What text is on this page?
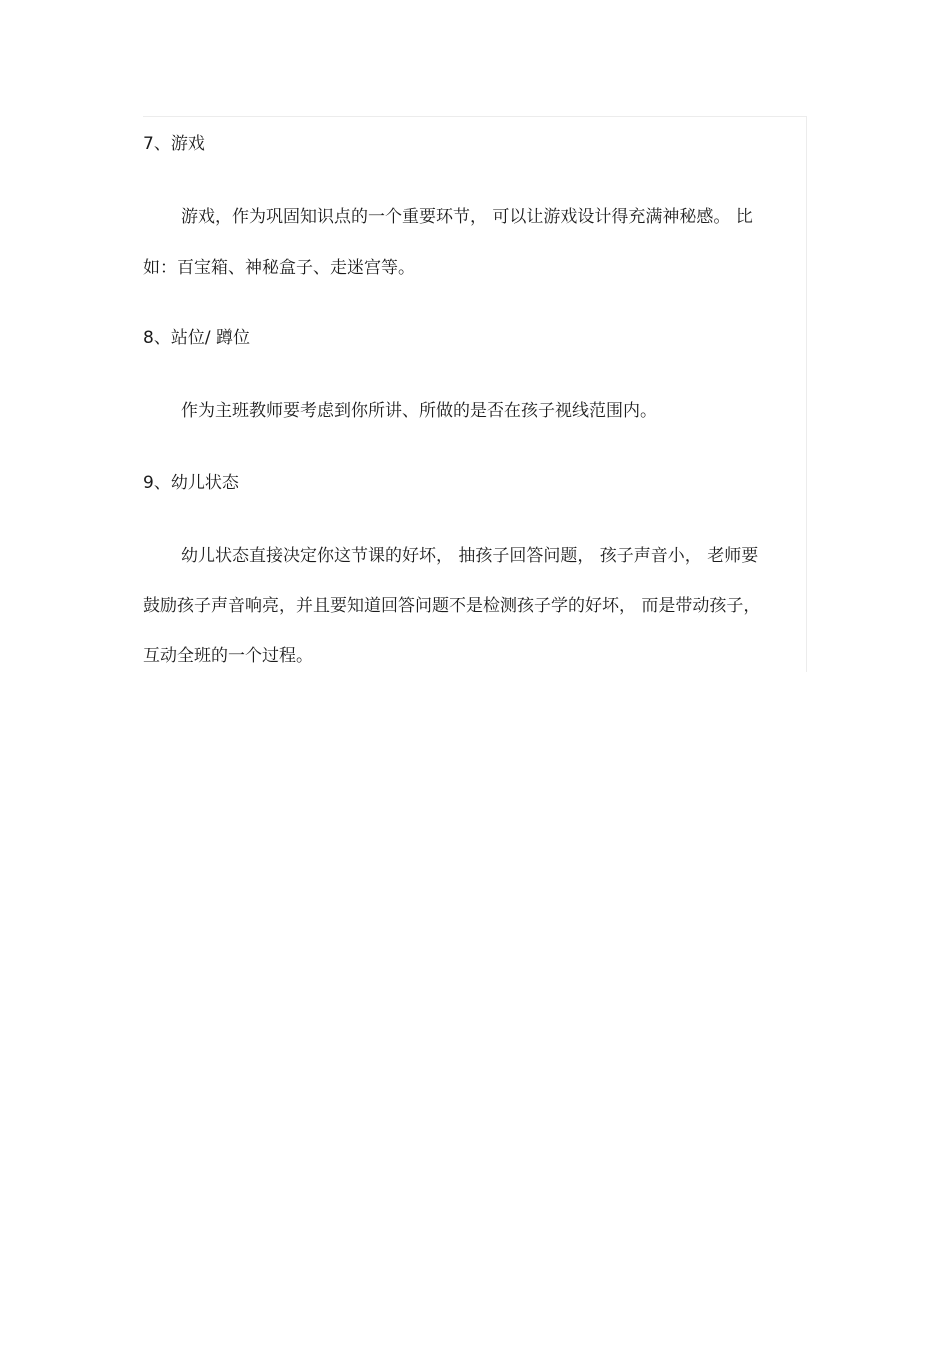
7、游戏

游戏，作为巩固知识点的一个重要环节， 可以让游戏设计得充满神秘感。 比

如：百宝箱、神秘盒子、走迷宫等。

8、站位/ 蹲位

作为主班教师要考虑到你所讲、所做的是否在孩子视线范围内。

9、幼儿状态

幼儿状态直接决定你这节课的好坏， 抽孩子回答问题， 孩子声音小， 老师要

鼓励孩子声音响亮，并且要知道回答问题不是检测孩子学的好坏， 而是带动孩子，

互动全班的一个过程。
